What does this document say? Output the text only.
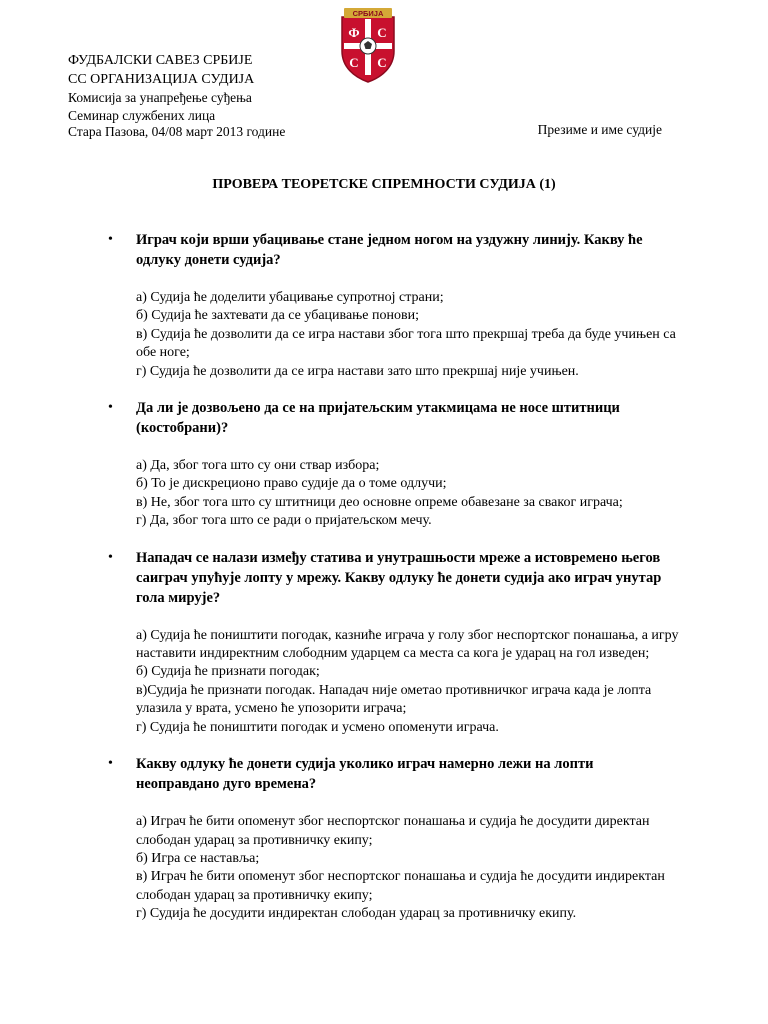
СРБИЈА
Ф С
С С
ФУДБАЛСКИ САВЕЗ СРБИЈЕ
СС ОРГАНИЗАЦИЈА СУДИЈА
Комисија за унапређење суђења
Семинар службених лица
Стара Пазова, 04/08 март 2013 године	Презиме и име судије
ПРОВЕРА ТЕОРЕТСКЕ СПРЕМНОСТИ СУДИЈА (1)
• Играч који врши убацивање стане једном ногом на уздужну линију. Какву ће одлуку донети судија?

а) Судија ће доделити убацивање супротној страни;

б) Судија ће захтевати да се убацивање понови;

в) Судија ће дозволити да се игра настави због тога што прекршај треба да буде учињен са обе ноге;

г) Судија ће дозволити да се игра настави зато што прекршај није учињен.

• Да ли је дозвољено да се на пријатељским утакмицама не носе штитници (костобрани)?

а) Да, због тога што су они ствар избора;

б) То је дискреционо право судије да о томе одлучи;

в) Не, због тога што су штитници део основне опреме обавезане за сваког играча;

г) Да, због тога што се ради о пријатељском мечу.

• Нападач се налази између статива и унутрашњости мреже а истовремено његов саиграч упућује лопту у мрежу. Какву одлуку ће донети судија ако играч унутар гола мирује?

а) Судија ће поништити погодак, казниће играча у голу због неспортског понашања, а игру наставити индиректним слободним ударцем са места са кога је ударац на гол изведен;

б) Судија ће признати погодак;

в)Судија ће признати погодак. Нападач није ометао противничког играча када је лопта улазила у врата, усмено ће упозорити играча;

г) Судија ће поништити погодак и усмено опоменути играча.

• Какву одлуку ће донети судија уколико играч намерно лежи на лопти неоправдано дуго времена?

а) Играч ће бити опоменут због неспортског понашања и судија ће досудити директан слободан ударац за противничку екипу;

б) Игра се наставља;

в) Играч ће бити опоменут због неспортског понашања и судија ће досудити индиректан слободан ударац за противничку екипу;

г) Судија ће досудити индиректан слободан ударац за противничку екипу.
